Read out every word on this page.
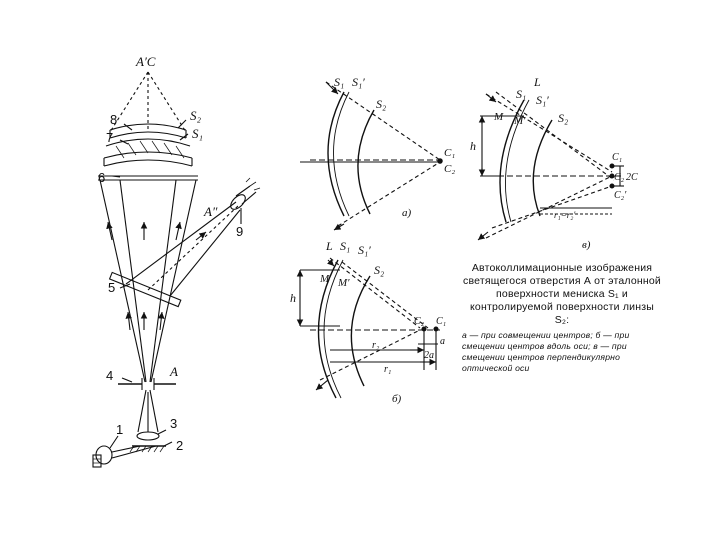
A′C
S₂
S₁
8
7
6
A″
9
5
4	A
1	3
2
S₁ S₁′
S₂
C₁
C₂
а)
L S₁ S₁′
S₂
M M′
h
C₂ C₁
a
r₂
r₁
2a
б)
L
S₁ S₁′
S₂
M M′
h
C₁
C₂
C₂′
2C
r₁=r₂′
в)
Автоколлимационные изображения светящегося отверстия А от эталонной поверхности мениска S₁ и контролируемой поверхности линзы S₂:
а — при совмещении центров; б — при смещении центров вдоль оси; в — при смещении центров перпендикулярно оптической оси
